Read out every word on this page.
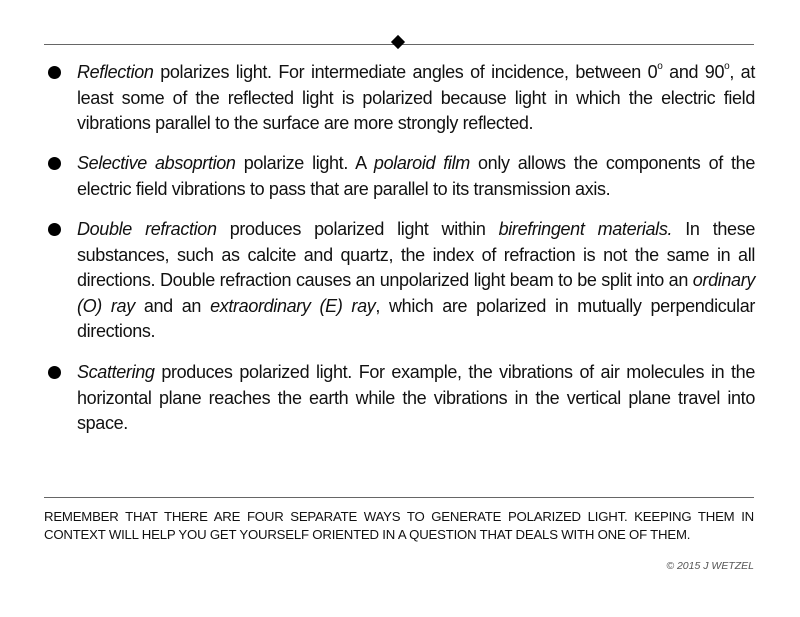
Reflection polarizes light. For intermediate angles of incidence, between 0$^o$ and 90$^o$, at least some of the reflected light is polarized because light in which the electric field vibrations parallel to the surface are more strongly reflected.
Selective absoprtion polarize light. A polaroid film only allows the components of the electric field vibrations to pass that are parallel to its transmission axis.
Double refraction produces polarized light within birefringent materials. In these substances, such as calcite and quartz, the index of refraction is not the same in all directions. Double refraction causes an unpolarized light beam to be split into an ordinary (O) ray and an extraordinary (E) ray, which are polarized in mutually perpendicular directions.
Scattering produces polarized light. For example, the vibrations of air molecules in the horizontal plane reaches the earth while the vibrations in the vertical plane travel into space.
REMEMBER THAT THERE ARE FOUR SEPARATE WAYS TO GENERATE POLARIZED LIGHT. KEEPING THEM IN CONTEXT WILL HELP YOU GET YOURSELF ORIENTED IN A QUESTION THAT DEALS WITH ONE OF THEM.
© 2015 J WETZEL
